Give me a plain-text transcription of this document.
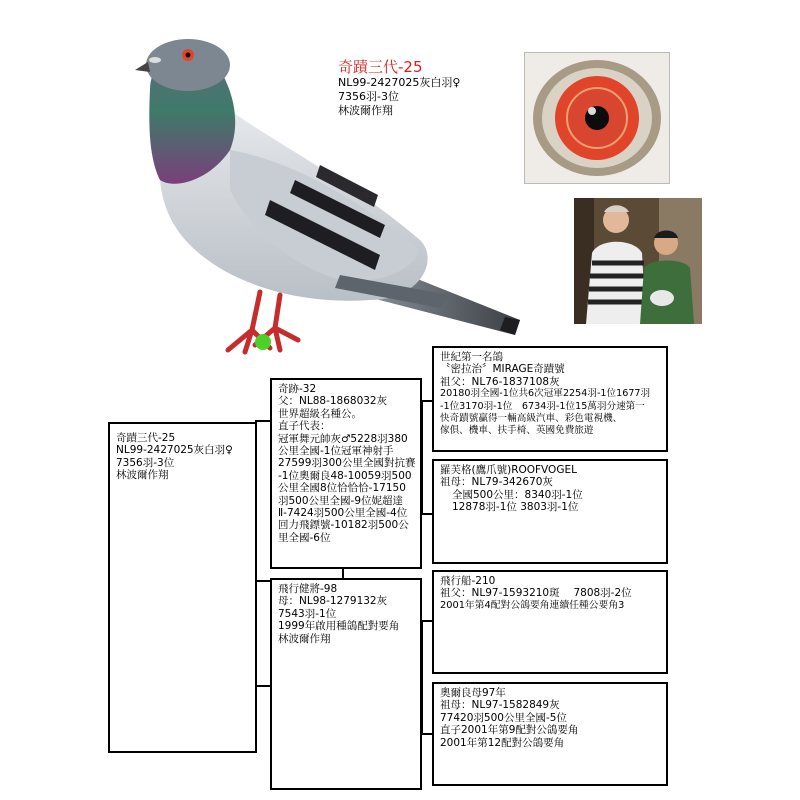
奇蹟三代-25
NL99-2427025灰白羽♀
7356羽-3位
林波爾作翔
奇蹟三代-25
NL99-2427025灰白羽♀
7356羽-3位
林波爾作翔
奇跡-32
父：NL88-1868032灰
世界超級名種公。
直子代表：
冠軍舞元帥灰♂5228羽380
公里全國-1位冠軍神射手
27599羽300公里全國對抗賽
-1位奧爾良48-10059羽500
公里全國8位恰恰恰-17150
羽500公里全國-9位妮超達
Ⅱ-7424羽500公里全國-4位
回力飛鏢號-10182羽500公
里全國-6位
飛行健將-98
母：NL98-1279132灰
7543羽-1位
1999年啟用種鴿配對要角
林波爾作翔
世紀第一名鴿
〝密拉治〞MIRAGE奇蹟號
祖父：NL76-1837108灰
20180羽全國-1位共6次冠軍2254羽-1位1677羽
-1位3170羽-1位　6734羽-1位15萬羽分速第一
快奇蹟號贏得一輛高級汽車、彩色電視機、
傢俱、機車、扶手椅、英國免費旅遊
羅芙格(鷹爪號)ROOFVOGEL
祖母：NL79-342670灰
全國500公里：8340羽-1位
12878羽-1位 3803羽-1位
飛行船-210
祖父：NL97-1593210斑　 7808羽-2位
2001年第4配對公鴿要角連續任種公要角3
奧爾良母97年
祖母：NL97-1582849灰
77420羽500公里全國-5位
直子2001年第9配對公鴿要角
2001年第12配對公鴿要角
